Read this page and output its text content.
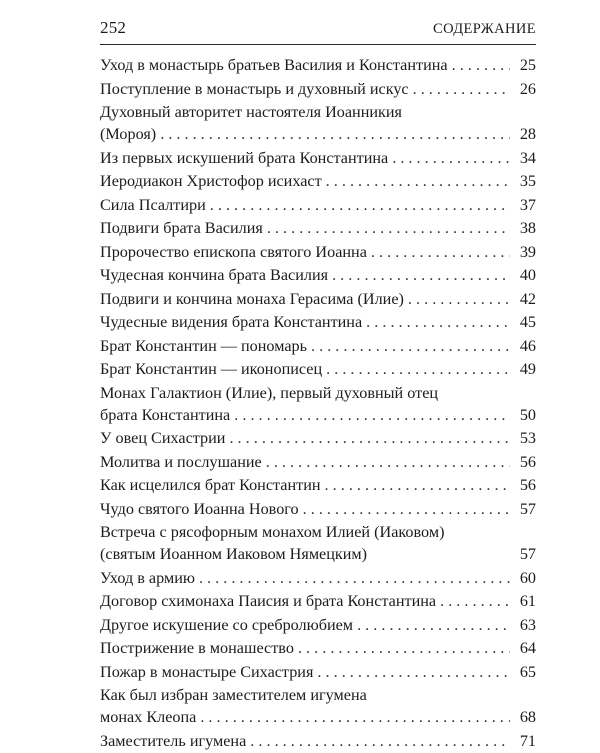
252	СОДЕРЖАНИЕ
Уход в монастырь братьев Василия и Константина . . .	25
Поступление в монастырь и духовный искус . . .	26
Духовный авторитет настоятеля Иоанникия
(Мороя) . . .	28
Из первых искушений брата Константина . . .	34
Иеродиакон Христофор исихаст . . .	35
Сила Псалтири . . .	37
Подвиги брата Василия . . .	38
Пророчество епископа святого Иоанна . . .	39
Чудесная кончина брата Василия . . .	40
Подвиги и кончина монаха Герасима (Илие) . . .	42
Чудесные видения брата Константина . . .	45
Брат Константин — пономарь . . .	46
Брат Константин — иконописец . . .	49
Монах Галактион (Илие), первый духовный отец
брата Константина . . .	50
У овец Сихастрии . . .	53
Молитва и послушание . . .	56
Как исцелился брат Константин . . .	56
Чудо святого Иоанна Нового . . .	57
Встреча с рясофорным монахом Илией (Иаковом)
(святым Иоанном Иаковом Нямецким)	57
Уход в армию . . .	60
Договор схимонаха Паисия и брата Константина . . .	61
Другое искушение со сребролюбием . . .	63
Пострижение в монашество . . .	64
Пожар в монастыре Сихастрия . . .	65
Как был избран заместителем игумена
монах Клеопа . . .	68
Заместитель игумена . . .	71
